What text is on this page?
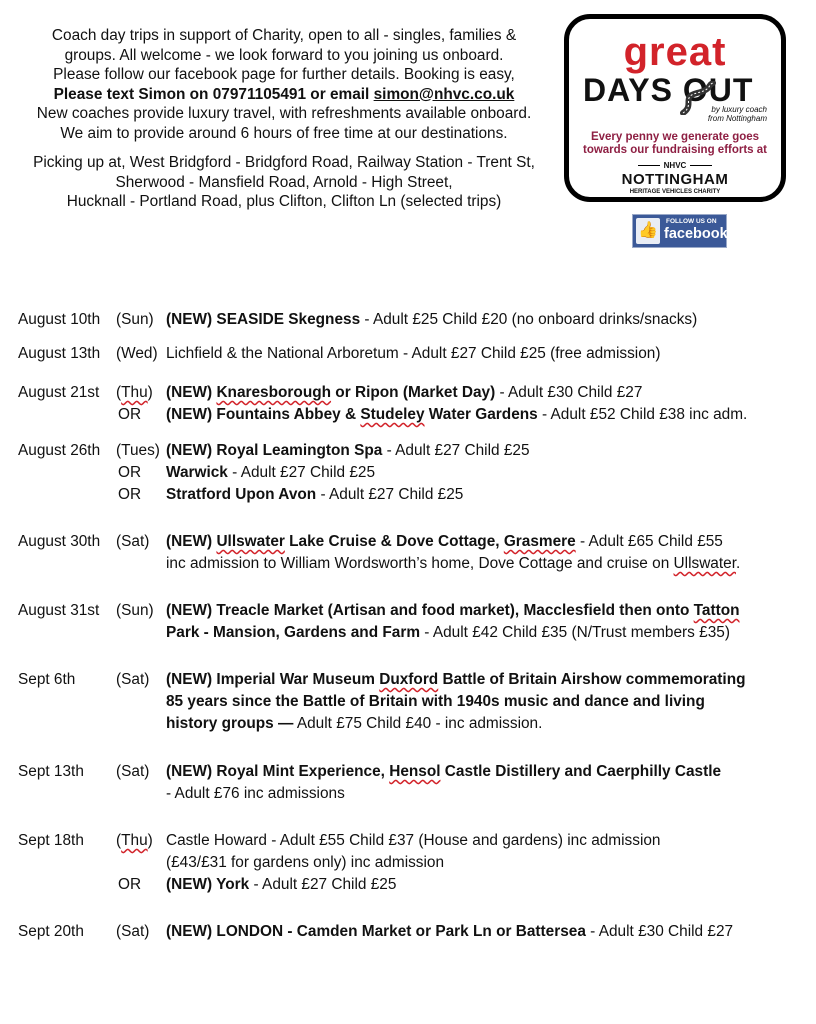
Coach day trips in support of Charity, open to all - singles, families &

groups. All welcome - we look forward to you joining us onboard.

Please follow our facebook page for further details. Booking is easy,

Please text Simon on 07971105491 or email simon@nhvc.co.uk

New coaches provide luxury travel, with refreshments available onboard.

We aim to provide around 6 hours of free time at our destinations.

Picking up at, West Bridgford - Bridgford Road, Railway Station - Trent St,

Sherwood - Mansfield Road, Arnold - High Street,

Hucknall - Portland Road, plus Clifton, Clifton Ln (selected trips)

great
DAYS OUT
by luxury coach
from Nottingham
Every penny we generate goes
towards our fundraising efforts at
NHVC
NOTTINGHAM
HERITAGE VEHICLES CHARITY
👍
FOLLOW US ON
facebook
August 10th (Sun) (NEW) SEASIDE Skegness - Adult £25 Child £20 (no onboard drinks/snacks)
August 13th (Wed) Lichfield & the National Arboretum - Adult £27 Child £25 (free admission)
August 21st (Thu) (NEW) Knaresborough or Ripon (Market Day) - Adult £30 Child £27
OR (NEW) Fountains Abbey & Studeley Water Gardens - Adult £52 Child £38 inc adm.
August 26th (Tues) (NEW) Royal Leamington Spa - Adult £27 Child £25
OR Warwick - Adult £27 Child £25
OR Stratford Upon Avon - Adult £27 Child £25
August 30th (Sat) (NEW) Ullswater Lake Cruise & Dove Cottage, Grasmere - Adult £65 Child £55
inc admission to William Wordsworth’s home, Dove Cottage and cruise on Ullswater.
August 31st (Sun) (NEW) Treacle Market (Artisan and food market), Macclesfield then onto Tatton
Park - Mansion, Gardens and Farm - Adult £42 Child £35 (N/Trust members £35)
Sept 6th	(Sat) (NEW) Imperial War Museum Duxford Battle of Britain Airshow commemorating
85 years since the Battle of Britain with 1940s music and dance and living
history groups — Adult £75 Child £40 - inc admission.
Sept 13th (Sat) (NEW) Royal Mint Experience, Hensol Castle Distillery and Caerphilly Castle
- Adult £76 inc admissions
Sept 18th (Thu) Castle Howard - Adult £55 Child £37 (House and gardens) inc admission
(£43/£31 for gardens only) inc admission
OR (NEW) York - Adult £27 Child £25
Sept 20th (Sat) (NEW) LONDON - Camden Market or Park Ln or Battersea - Adult £30 Child £27
